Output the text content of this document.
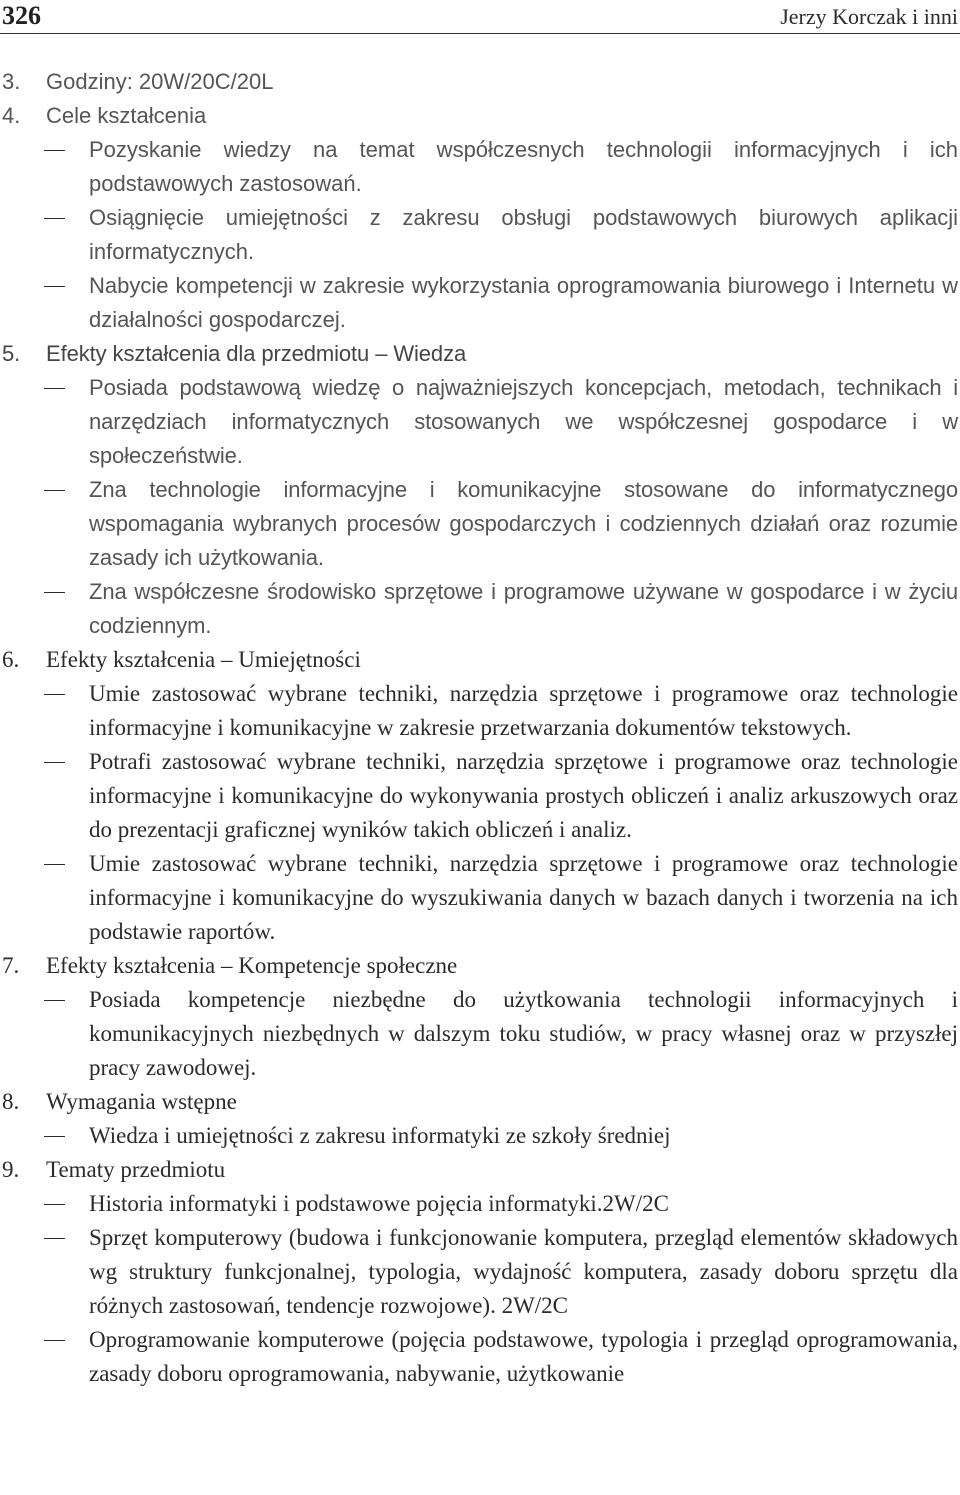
326	Jerzy Korczak i inni
3. Godziny: 20W/20C/20L
4. Cele kształcenia
Pozyskanie wiedzy na temat współczesnych technologii informacyjnych i ich podstawowych zastosowań.
Osiągnięcie umiejętności z zakresu obsługi podstawowych biurowych aplikacji informatycznych.
Nabycie kompetencji w zakresie wykorzystania oprogramowania biurowego i Internetu w działalności gospodarczej.
5. Efekty kształcenia dla przedmiotu – Wiedza
Posiada podstawową wiedzę o najważniejszych koncepcjach, metodach, technikach i narzędziach informatycznych stosowanych we współczesnej gospodarce i w społeczeństwie.
Zna technologie informacyjne i komunikacyjne stosowane do informatycznego wspomagania wybranych procesów gospodarczych i codziennych działań oraz rozumie zasady ich użytkowania.
Zna współczesne środowisko sprzętowe i programowe używane w gospodarce i w życiu codziennym.
6. Efekty kształcenia – Umiejętności
Umie zastosować wybrane techniki, narzędzia sprzętowe i programowe oraz technologie informacyjne i komunikacyjne w zakresie przetwarzania dokumentów tekstowych.
Potrafi zastosować wybrane techniki, narzędzia sprzętowe i programowe oraz technologie informacyjne i komunikacyjne do wykonywania prostych obliczeń i analiz arkuszowych oraz do prezentacji graficznej wyników takich obliczeń i analiz.
Umie zastosować wybrane techniki, narzędzia sprzętowe i programowe oraz technologie informacyjne i komunikacyjne do wyszukiwania danych w bazach danych i tworzenia na ich podstawie raportów.
7. Efekty kształcenia – Kompetencje społeczne
Posiada kompetencje niezbędne do użytkowania technologii informacyjnych i komunikacyjnych niezbędnych w dalszym toku studiów, w pracy własnej oraz w przyszłej pracy zawodowej.
8. Wymagania wstępne
Wiedza i umiejętności z zakresu informatyki ze szkoły średniej
9. Tematy przedmiotu
Historia informatyki i podstawowe pojęcia informatyki.2W/2C
Sprzęt komputerowy (budowa i funkcjonowanie komputera, przegląd elementów składowych wg struktury funkcjonalnej, typologia, wydajność komputera, zasady doboru sprzętu dla różnych zastosowań, tendencje rozwojowe). 2W/2C
Oprogramowanie komputerowe (pojęcia podstawowe, typologia i przegląd oprogramowania, zasady doboru oprogramowania, nabywanie, użytkowanie
